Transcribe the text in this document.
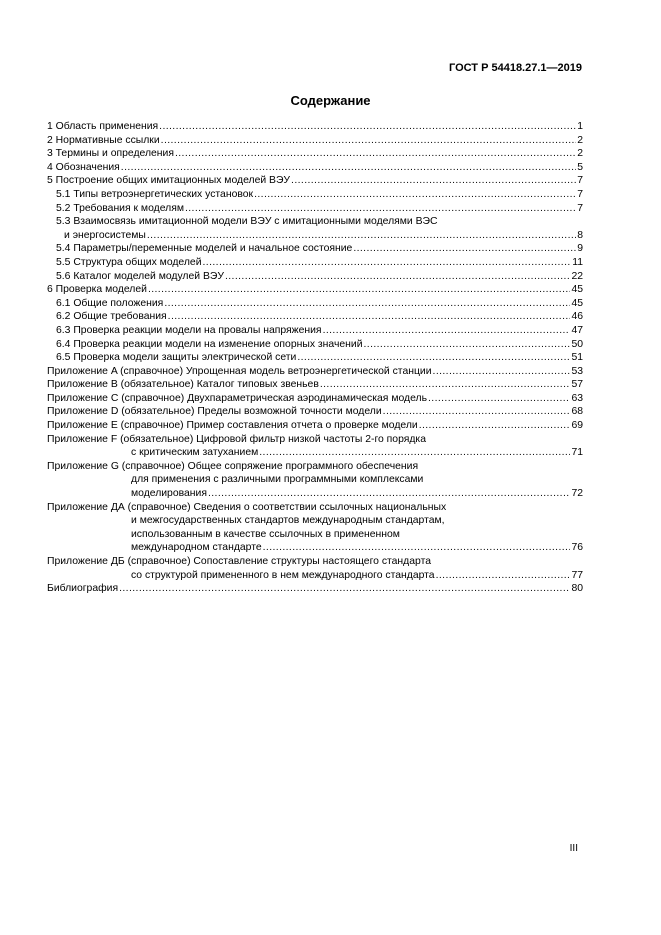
ГОСТ Р 54418.27.1—2019
Содержание
1 Область применения .....	1
2 Нормативные ссылки .....	2
3 Термины и определения .....	2
4 Обозначения .....	5
5 Построение общих имитационных моделей ВЭУ .....	7
5.1 Типы ветроэнергетических установок .....	7
5.2 Требования к моделям .....	7
5.3 Взаимосвязь имитационной модели ВЭУ с имитационными моделями ВЭС
и энергосистемы .....	8
5.4 Параметры/переменные моделей и начальное состояние .....	9
5.5 Структура общих моделей .....	11
5.6 Каталог моделей модулей ВЭУ .....	22
6 Проверка моделей .....	45
6.1 Общие положения .....	45
6.2 Общие требования .....	46
6.3 Проверка реакции модели на провалы напряжения .....	47
6.4 Проверка реакции модели на изменение опорных значений .....	50
6.5 Проверка модели защиты электрической сети .....	51
Приложение A (справочное) Упрощенная модель ветроэнергетической станции .....	53
Приложение B (обязательное) Каталог типовых звеньев .....	57
Приложение C (справочное) Двухпараметрическая аэродинамическая модель .....	63
Приложение D (обязательное) Пределы возможной точности модели .....	68
Приложение E (справочное) Пример составления отчета о проверке модели .....	69
Приложение F (обязательное) Цифровой фильтр низкой частоты 2-го порядка
с критическим затуханием .....	71
Приложение G (справочное) Общее сопряжение программного обеспечения
для применения с различными программными комплексами
моделирования .....	72
Приложение ДА (справочное) Сведения о соответствии ссылочных национальных
и межгосударственных стандартов международным стандартам,
использованным в качестве ссылочных в примененном
международном стандарте .....	76
Приложение ДБ (справочное) Сопоставление структуры настоящего стандарта
со структурой примененного в нем международного стандарта .....	77
Библиография .....	80
III
